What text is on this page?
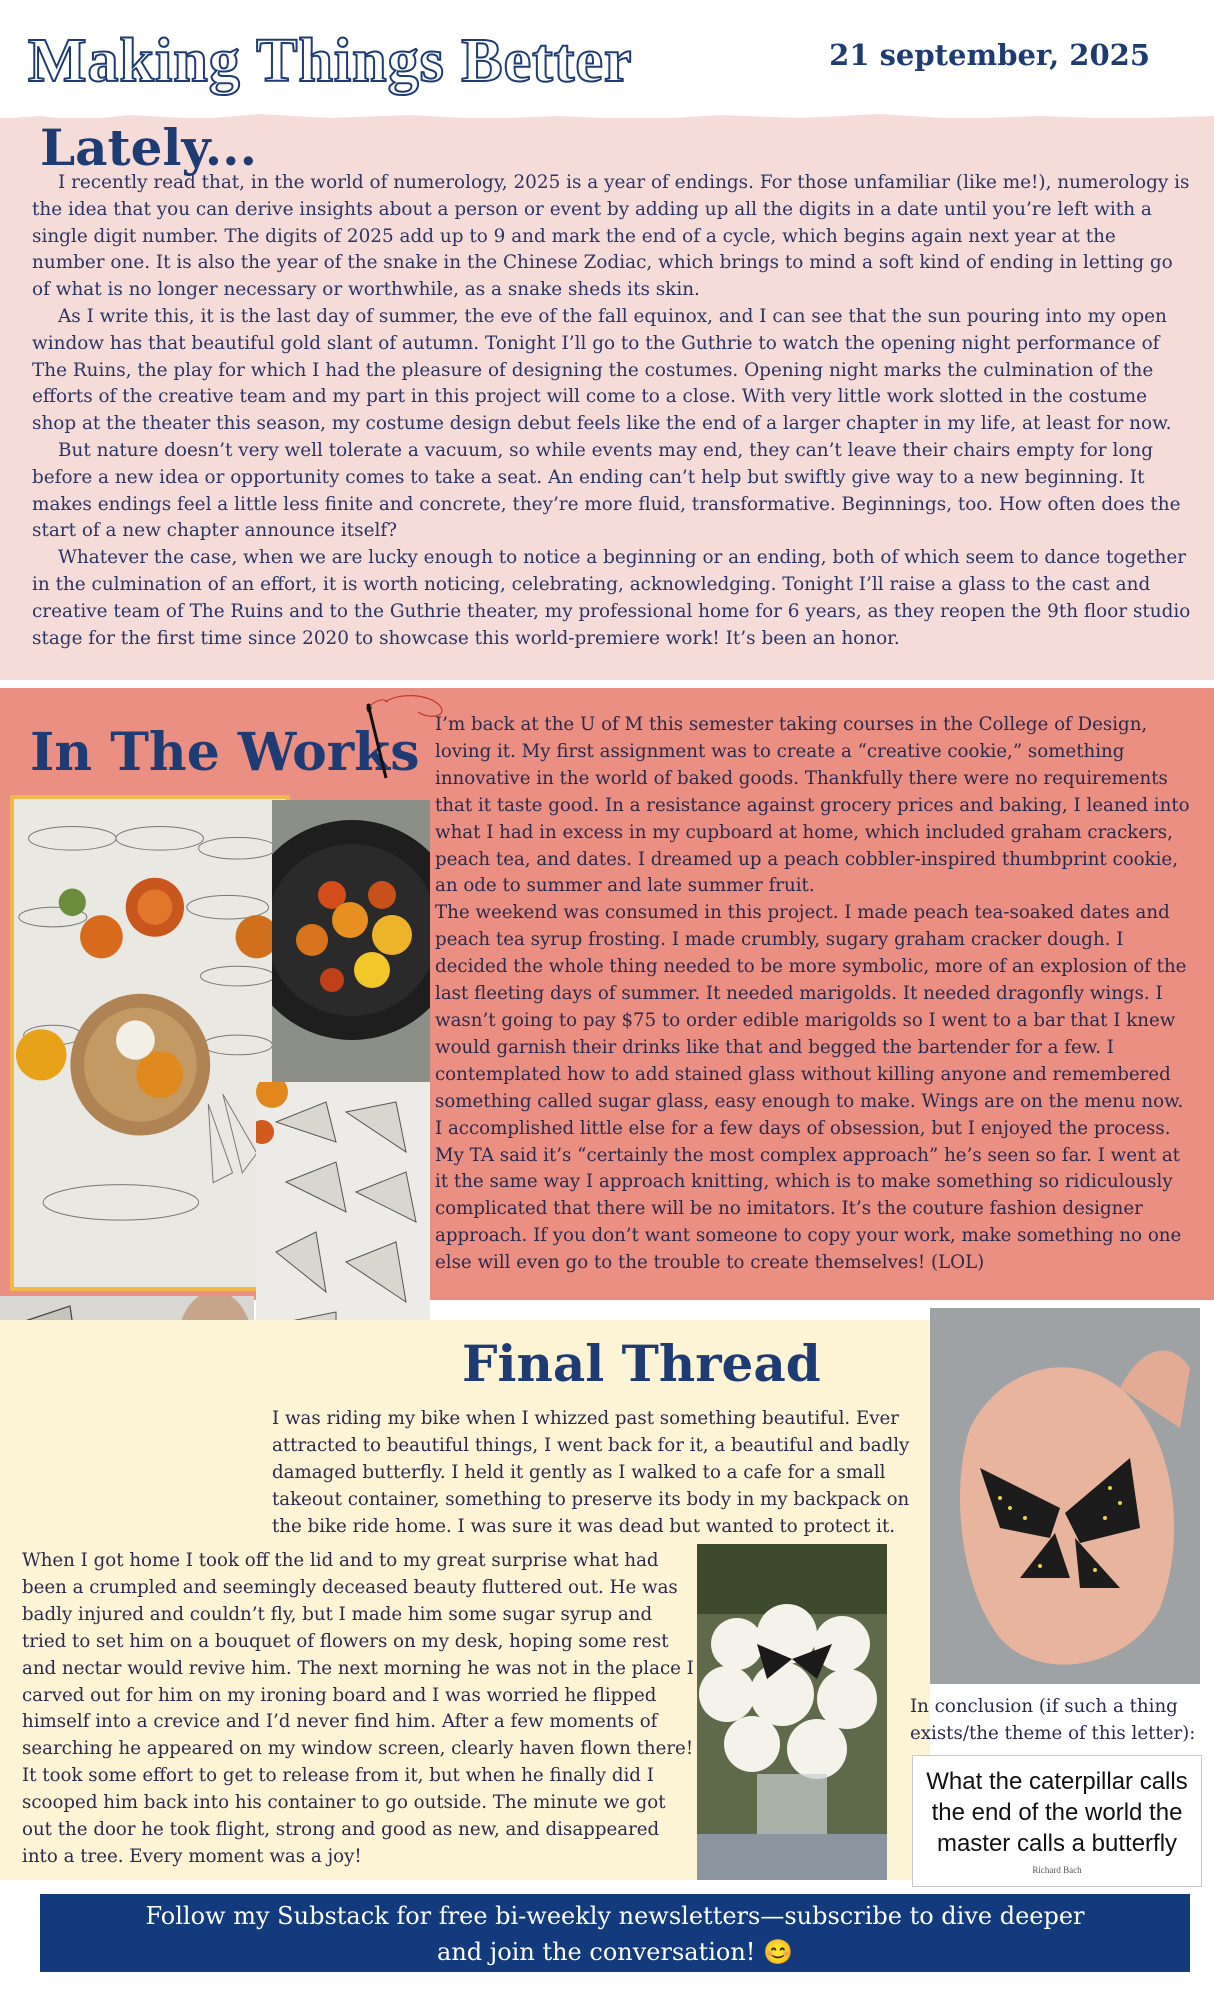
Making Things Better	21 september, 2025
Lately...

I recently read that, in the world of numerology, 2025 is a year of endings. For those unfamiliar (like me!), numerology is the idea that you can derive insights about a person or event by adding up all the digits in a date until you’re left with a single digit number. The digits of 2025 add up to 9 and mark the end of a cycle, which begins again next year at the number one. It is also the year of the snake in the Chinese Zodiac, which brings to mind a soft kind of ending in letting go of what is no longer necessary or worthwhile, as a snake sheds its skin.

As I write this, it is the last day of summer, the eve of the fall equinox, and I can see that the sun pouring into my open window has that beautiful gold slant of autumn. Tonight I’ll go to the Guthrie to watch the opening night performance of The Ruins, the play for which I had the pleasure of designing the costumes. Opening night marks the culmination of the efforts of the creative team and my part in this project will come to a close. With very little work slotted in the costume shop at the theater this season, my costume design debut feels like the end of a larger chapter in my life, at least for now.

But nature doesn’t very well tolerate a vacuum, so while events may end, they can’t leave their chairs empty for long before a new idea or opportunity comes to take a seat. An ending can’t help but swiftly give way to a new beginning. It makes endings feel a little less finite and concrete, they’re more fluid, transformative. Beginnings, too. How often does the start of a new chapter announce itself?

Whatever the case, when we are lucky enough to notice a beginning or an ending, both of which seem to dance together in the culmination of an effort, it is worth noticing, celebrating, acknowledging. Tonight I’ll raise a glass to the cast and creative team of The Ruins and to the Guthrie theater, my professional home for 6 years, as they reopen the 9th floor studio stage for the first time since 2020 to showcase this world-premiere work! It’s been an honor.

In The Works I’m back at the U of M this semester taking courses in the College of Design, loving it. My first assignment was to create a “creative cookie,” something innovative in the world of baked goods. Thankfully there were no requirements that it taste good. In a resistance against grocery prices and baking, I leaned into what I had in excess in my cupboard at home, which included graham crackers, peach tea, and dates. I dreamed up a peach cobbler-inspired thumbprint cookie, an ode to summer and late summer fruit.

The weekend was consumed in this project. I made peach tea-soaked dates and peach tea syrup frosting. I made crumbly, sugary graham cracker dough. I decided the whole thing needed to be more symbolic, more of an explosion of the last fleeting days of summer. It needed marigolds. It needed dragonfly wings. I wasn’t going to pay $75 to order edible marigolds so I went to a bar that I knew would garnish their drinks like that and begged the bartender for a few. I contemplated how to add stained glass without killing anyone and remembered something called sugar glass, easy enough to make. Wings are on the menu now.

I accomplished little else for a few days of obsession, but I enjoyed the process. My TA said it’s “certainly the most complex approach” he’s seen so far. I went at it the same way I approach knitting, which is to make something so ridiculously complicated that there will be no imitators. It’s the couture fashion designer approach. If you don’t want someone to copy your work, make something no one else will even go to the trouble to create themselves! (LOL)

Final Thread

I was riding my bike when I whizzed past something beautiful. Ever attracted to beautiful things, I went back for it, a beautiful and badly damaged butterfly. I held it gently as I walked to a cafe for a small takeout container, something to preserve its body in my backpack on the bike ride home. I was sure it was dead but wanted to protect it.

When I got home I took off the lid and to my great surprise what had been a crumpled and seemingly deceased beauty fluttered out. He was badly injured and couldn’t fly, but I made him some sugar syrup and tried to set him on a bouquet of flowers on my desk, hoping some rest and nectar would revive him. The next morning he was not in the place I carved out for him on my ironing board and I was worried he flipped himself into a crevice and I’d never find him. After a few moments of searching he appeared on my window screen, clearly haven flown there! It took some effort to get to release from it, but when he finally did I scooped him back into his container to go outside. The minute we got out the door he took flight, strong and good as new, and disappeared into a tree. Every moment was a joy!

In conclusion (if such a thing exists/the theme of this letter):

What the caterpillar calls the end of the world the master calls a butterfly
Richard Bach
Follow my Substack for free bi-weekly newsletters—subscribe to dive deeper
and join the conversation! 😊
